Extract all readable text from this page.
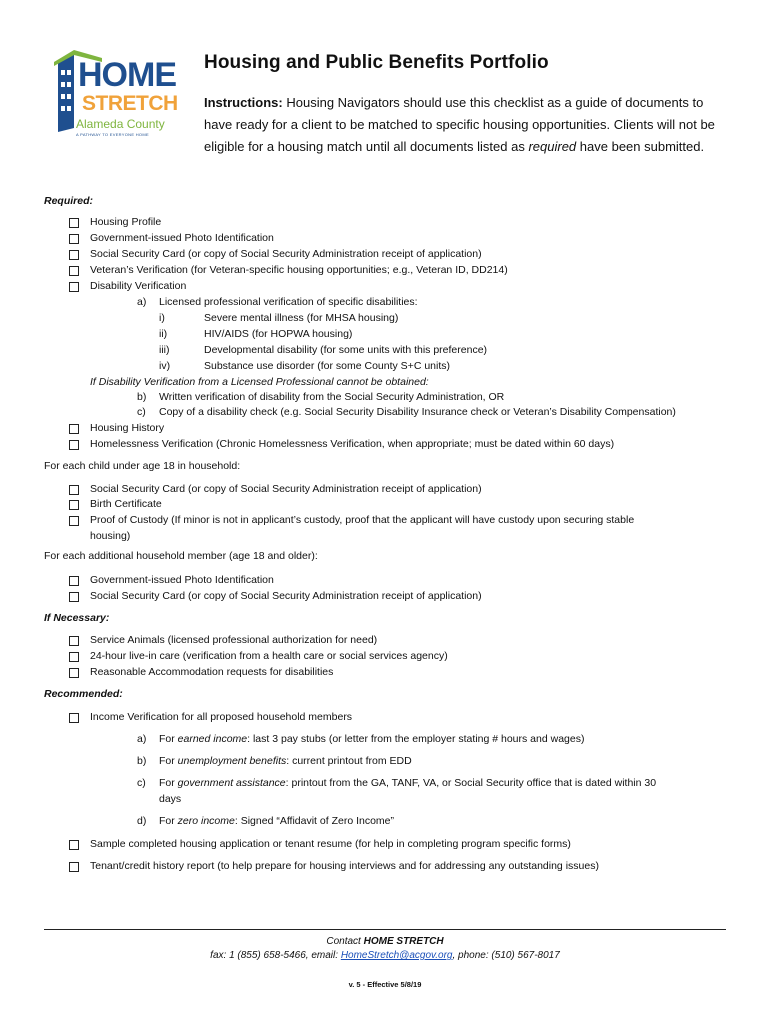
HOME
STRETCH
Alameda County
A PATHWAY TO EVERYONE HOME
Housing and Public Benefits Portfolio
Instructions: Housing Navigators should use this checklist as a guide of documents to have ready for a client to be matched to specific housing opportunities. Clients will not be eligible for a housing match until all documents listed as required have been submitted.
Required:
Housing Profile
Government-issued Photo Identification
Social Security Card (or copy of Social Security Administration receipt of application)
Veteran’s Verification (for Veteran-specific housing opportunities; e.g., Veteran ID, DD214)
Disability Verification
a) Licensed professional verification of specific disabilities:
i)	Severe mental illness (for MHSA housing)
ii)	HIV/AIDS (for HOPWA housing)
iii)	Developmental disability (for some units with this preference)
iv)	Substance use disorder (for some County S+C units)
If Disability Verification from a Licensed Professional cannot be obtained:
b) Written verification of disability from the Social Security Administration, OR
c) Copy of a disability check (e.g. Social Security Disability Insurance check or Veteran’s Disability Compensation)
Housing History
Homelessness Verification (Chronic Homelessness Verification, when appropriate; must be dated within 60 days)
For each child under age 18 in household:
Social Security Card (or copy of Social Security Administration receipt of application)
Birth Certificate
Proof of Custody (If minor is not in applicant’s custody, proof that the applicant will have custody upon securing stable
housing)
For each additional household member (age 18 and older):
Government-issued Photo Identification
Social Security Card (or copy of Social Security Administration receipt of application)
If Necessary:
Service Animals (licensed professional authorization for need)
24-hour live-in care (verification from a health care or social services agency)
Reasonable Accommodation requests for disabilities
Recommended:
Income Verification for all proposed household members
a) For earned income: last 3 pay stubs (or letter from the employer stating # hours and wages)
b) For unemployment benefits: current printout from EDD
c) For government assistance: printout from the GA, TANF, VA, or Social Security office that is dated within 30
days
d) For zero income: Signed “Affidavit of Zero Income”
Sample completed housing application or tenant resume (for help in completing program specific forms)
Tenant/credit history report (to help prepare for housing interviews and for addressing any outstanding issues)
Contact HOME STRETCH
fax: 1 (855) 658-5466, email: HomeStretch@acgov.org, phone: (510) 567-8017
v. 5 - Effective 5/8/19
